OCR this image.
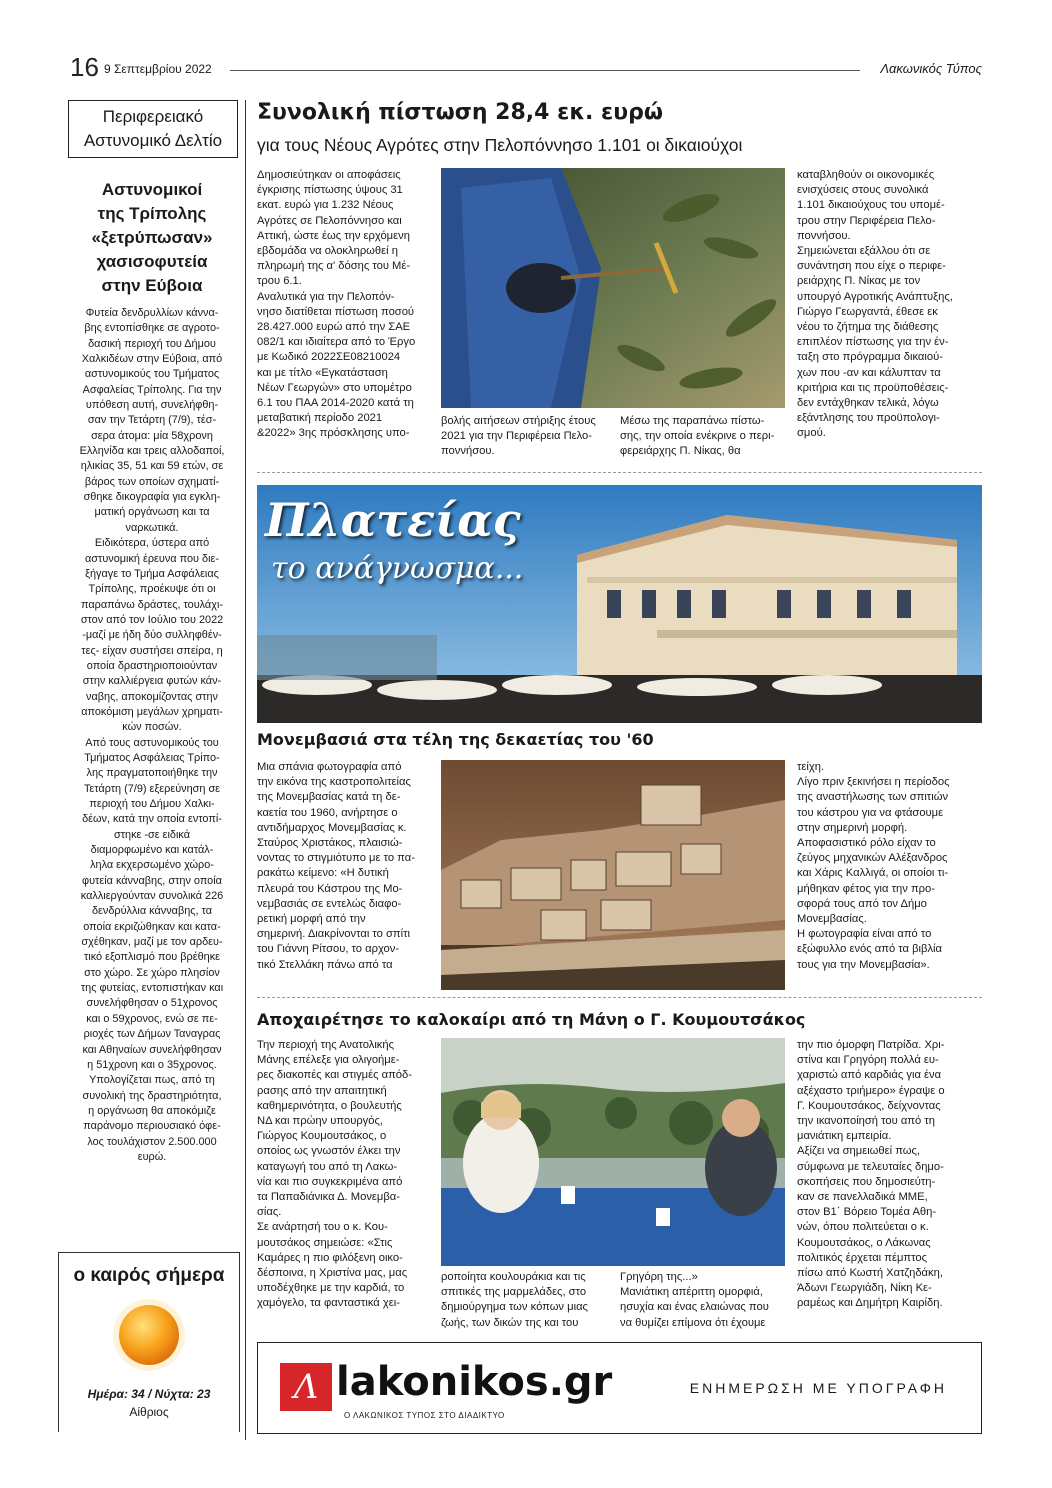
16 9 Σεπτεμβρίου 2022	Λακωνικός Τύπος
Περιφερειακό
Αστυνομικό Δελτίο
Αστυνομικοί
της Τρίπολης
«ξετρύπωσαν»
χασισοφυτεία
στην Εύβοια
Φυτεία δενδρυλλίων κάννα-
βης εντοπίσθηκε σε αγροτο-
δασική περιοχή του Δήμου
Χαλκιδέων στην Εύβοια, από
αστυνομικούς του Τμήματος
Ασφαλείας Τρίπολης. Για την
υπόθεση αυτή, συνελήφθη-
σαν την Τετάρτη (7/9), τέσ-
σερα άτομα: μία 58χρονη
Ελληνίδα και τρεις αλλοδαποί,
ηλικίας 35, 51 και 59 ετών, σε
βάρος των οποίων σχηματί-
σθηκε δικογραφία για εγκλη-
ματική οργάνωση και τα
ναρκωτικά.
Ειδικότερα, ύστερα από
αστυνομική έρευνα που διε-
ξήγαγε το Τμήμα Ασφάλειας
Τρίπολης, προέκυψε ότι οι
παραπάνω δράστες, τουλάχι-
στον από τον Ιούλιο του 2022
-μαζί με ήδη δύο συλληφθέν-
τες- είχαν συστήσει σπείρα, η
οποία δραστηριοποιούνταν
στην καλλιέργεια φυτών κάν-
ναβης, αποκομίζοντας στην
αποκόμιση μεγάλων χρηματι-
κών ποσών.
Από τους αστυνομικούς του
Τμήματος Ασφάλειας Τρίπο-
λης πραγματοποιήθηκε την
Τετάρτη (7/9) εξερεύνηση σε
περιοχή του Δήμου Χαλκι-
δέων, κατά την οποία εντοπί-
στηκε -σε ειδικά
διαμορφωμένο και κατάλ-
ληλα εκχερσωμένο χώρο-
φυτεία κάνναβης, στην οποία
καλλιεργούνταν συνολικά 226
δενδρύλλια κάνναβης, τα
οποία εκριζώθηκαν και κατα-
σχέθηκαν, μαζί με τον αρδευ-
τικό εξοπλισμό που βρέθηκε
στο χώρο. Σε χώρο πλησίον
της φυτείας, εντοπιστήκαν και
συνελήφθησαν ο 51χρονος
και ο 59χρονος, ενώ σε πε-
ριοχές των Δήμων Ταναγρας
και Αθηναίων συνελήφθησαν
η 51χρονη και ο 35χρονος.
Υπολογίζεται πως, από τη
συνολική της δραστηριότητα,
η οργάνωση θα αποκόμιζε
παράνομο περιουσιακό όφε-
λος τουλάχιστον 2.500.000
ευρώ.
ο καιρός σήμερα
Ημέρα: 34 / Νύχτα: 23
Αίθριος
Συνολική πίστωση 28,4 εκ. ευρώ
για τους Νέους Αγρότες στην Πελοπόννησο 1.101 οι δικαιούχοι
Δημοσιεύτηκαν οι αποφάσεις
έγκρισης πίστωσης ύψους 31
εκατ. ευρώ για 1.232 Νέους
Αγρότες σε Πελοπόννησο και
Αττική, ώστε έως την ερχόμενη
εβδομάδα να ολοκληρωθεί η
πληρωμή της α' δόσης του Μέ-
τρου 6.1.
Αναλυτικά για την Πελοπόν-
νησο διατίθεται πίστωση ποσού
28.427.000 ευρώ από την ΣΑΕ
082/1 και ιδιαίτερα από το Έργο
με Κωδικό 2022ΣΕ08210024
και με τίτλο «Εγκατάσταση
Νέων Γεωργών» στο υπομέτρο
6.1 του ΠΑΑ 2014-2020 κατά τη
μεταβατική περίοδο 2021
&2022» 3ης πρόσκλησης υπο-
βολής αιτήσεων στήριξης έτους
2021 για την Περιφέρεια Πελο-
ποννήσου.
Μέσω της παραπάνω πίστω-
σης, την οποία ενέκρινε ο περι-
φερειάρχης Π. Νίκας, θα
καταβληθούν οι οικονομικές
ενισχύσεις στους συνολικά
1.101 δικαιούχους του υπομέ-
τρου στην Περιφέρεια Πελο-
ποννήσου.
Σημειώνεται εξάλλου ότι σε
συνάντηση που είχε ο περιφε-
ρειάρχης Π. Νίκας με τον
υπουργό Αγροτικής Ανάπτυξης,
Γιώργο Γεωργαντά, έθεσε εκ
νέου το ζήτημα της διάθεσης
επιπλέον πίστωσης για την έν-
ταξη στο πρόγραμμα δικαιού-
χων που -αν και κάλυπταν τα
κριτήρια και τις προϋποθέσεις-
δεν εντάχθηκαν τελικά, λόγω
εξάντλησης του προϋπολογι-
σμού.
Πλατείας
το ανάγνωσμα...
Μονεμβασιά στα τέλη της δεκαετίας του '60
Μια σπάνια φωτογραφία από
την εικόνα της καστροπολιτείας
της Μονεμβασίας κατά τη δε-
καετία του 1960, ανήρτησε ο
αντιδήμαρχος Μονεμβασίας κ.
Σταύρος Χριστάκος, πλαισιώ-
νοντας το στιγμιότυπο με το πα-
ρακάτω κείμενο: «Η δυτική
πλευρά του Κάστρου της Μο-
νεμβασιάς σε εντελώς διαφο-
ρετική μορφή από την
σημερινή. Διακρίνονται το σπίτι
του Γιάννη Ρίτσου, το αρχον-
τικό Στελλάκη πάνω από τα
τείχη.
Λίγο πριν ξεκινήσει η περίοδος
της αναστήλωσης των σπιτιών
του κάστρου για να φτάσουμε
στην σημερινή μορφή.
Αποφασιστικό ρόλο είχαν το
ζεύγος μηχανικών Αλέξανδρος
και Χάρις Καλλιγά, οι οποίοι τι-
μήθηκαν φέτος για την προ-
σφορά τους από τον Δήμο
Μονεμβασίας.
Η φωτογραφία είναι από το
εξώφυλλο ενός από τα βιβλία
τους για την Μονεμβασία».
Αποχαιρέτησε το καλοκαίρι από τη Μάνη ο Γ. Κουμουτσάκος
Την περιοχή της Ανατολικής
Μάνης επέλεξε για ολιγοήμε-
ρες διακοπές και στιγμές απόδ-
ρασης από την απαιτητική
καθημερινότητα, ο βουλευτής
ΝΔ και πρώην υπουργός,
Γιώργος Κουμουτσάκος, ο
οποίος ως γνωστόν έλκει την
καταγωγή του από τη Λακω-
νία και πιο συγκεκριμένα από
τα Παπαδιάνικα Δ. Μονεμβα-
σίας.
Σε ανάρτησή του ο κ. Κου-
μουτσάκος σημειώσε: «Στις
Καμάρες η πιο φιλόξενη οικο-
δέσποινα, η Χριστίνα μας, μας
υποδέχθηκε με την καρδιά, το
χαμόγελο, τα φανταστικά χει-
ροποίητα κουλουράκια και τις
σπιτικές της μαρμελάδες, στο
δημιούργημα των κόπων μιας
ζωής, των δικών της και του
Γρηγόρη της...»
Μανιάτικη απέριττη ομορφιά,
ησυχία και ένας ελαιώνας που
να θυμίζει επίμονα ότι έχουμε
την πιο όμορφη Πατρίδα. Χρι-
στίνα και Γρηγόρη πολλά ευ-
χαριστώ από καρδιάς για ένα
αξέχαστο τριήμερο» έγραψε ο
Γ. Κουμουτσάκος, δείχνοντας
την ικανοποίησή του από τη
μανιάτικη εμπειρία.
Αξίζει να σημειωθεί πως,
σύμφωνα με τελευταίες δημο-
σκοπήσεις που δημοσιεύτη-
καν σε πανελλαδικά ΜΜΕ,
στον Β1΄ Βόρειο Τομέα Αθη-
νών, όπου πολιτεύεται ο κ.
Κουμουτσάκος, ο Λάκωνας
πολιτικός έρχεται πέμπτος
πίσω από Κωστή Χατζηδάκη,
Άδωνι Γεωργιάδη, Νίκη Κε-
ραμέως και Δημήτρη Καιρίδη.
Λ lakonikos.gr
Ο ΛΑΚΩΝΙΚΟΣ ΤΥΠΟΣ ΣΤΟ ΔΙΑΔΙΚΤΥΟ
ΕΝΗΜΕΡΩΣΗ ΜΕ ΥΠΟΓΡΑΦΗ
